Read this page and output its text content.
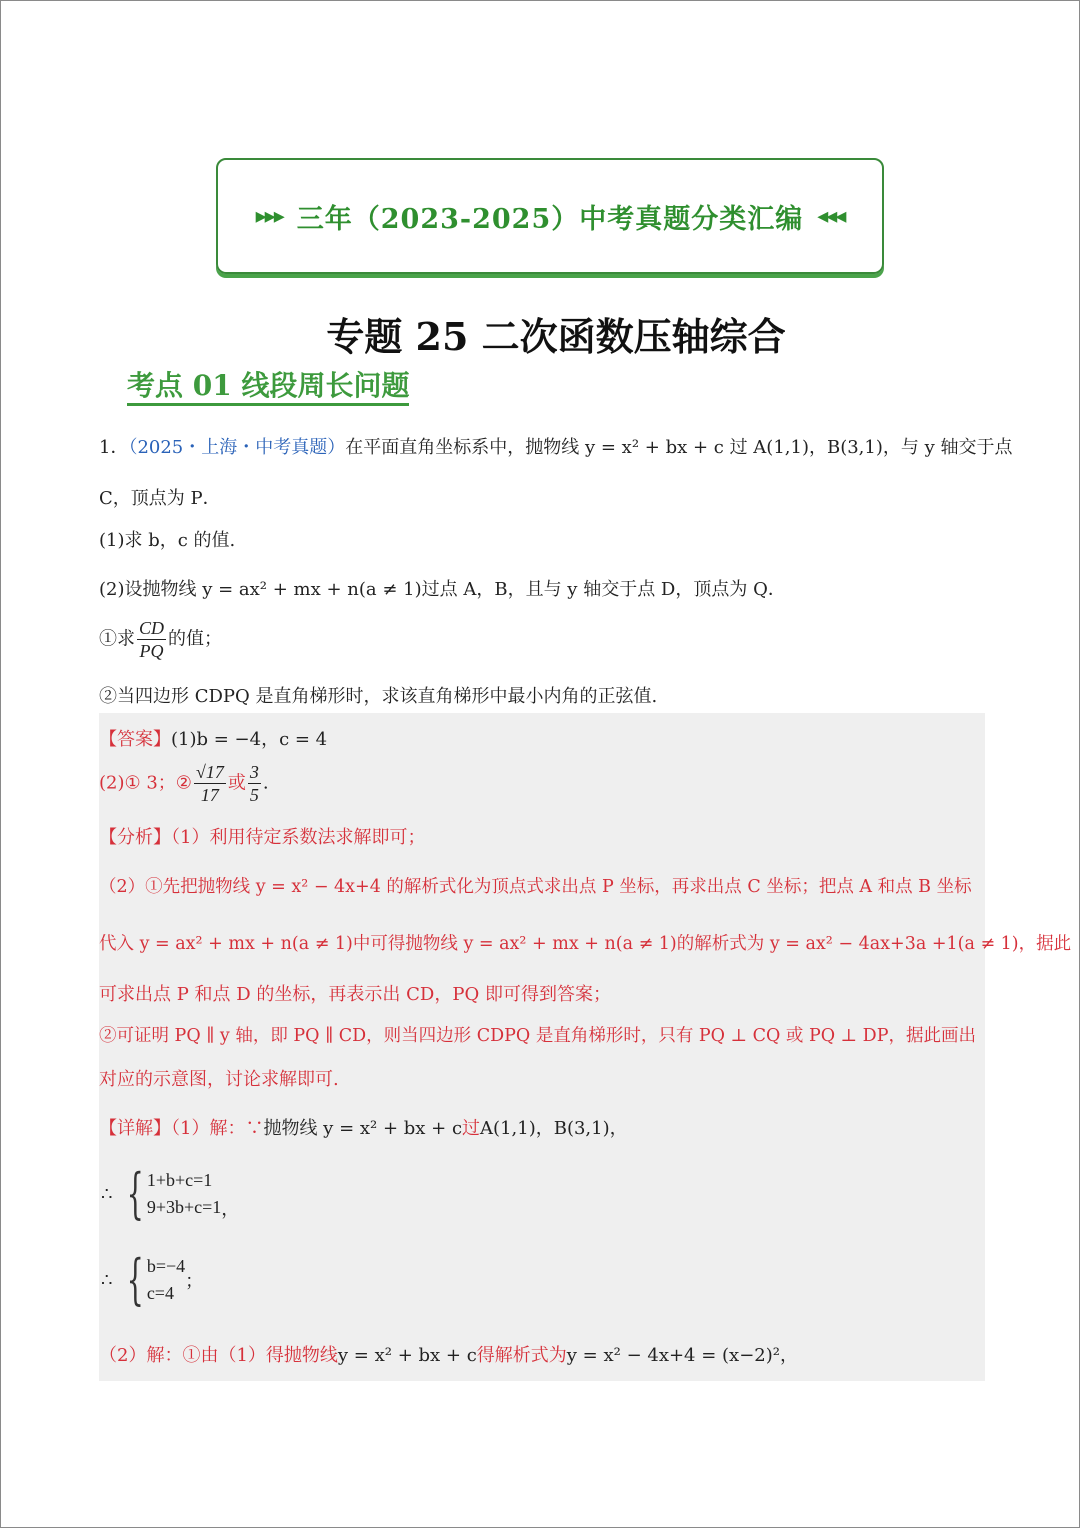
▸▸▸ 三年（2023-2025）中考真题分类汇编 ◂◂◂
专题 25 二次函数压轴综合
考点 01 线段周长问题
1．（2025・上海・中考真题）在平面直角坐标系中，抛物线 y = x² + bx + c 过 A(1,1)，B(3,1)，与 y 轴交于点
C，顶点为 P．
(1)求 b，c 的值.
(2)设抛物线 y = ax² + mx + n(a ≠ 1)过点 A，B，且与 y 轴交于点 D，顶点为 Q．
①求 $\frac{CD}{PQ}$ 的值；
②当四边形 CDPQ 是直角梯形时，求该直角梯形中最小内角的正弦值.
【答案】(1)b = −4，c = 4
(2)① 3；② $\frac{√17}{17}$ 或 $\frac{3}{5}$ .
【分析】（1）利用待定系数法求解即可；
（2）①先把抛物线 y = x² − 4x+4 的解析式化为顶点式求出点 P 坐标，再求出点 C 坐标；把点 A 和点 B 坐标
代入 y = ax² + mx + n(a ≠ 1)中可得抛物线 y = ax² + mx + n(a ≠ 1)的解析式为 y = ax² − 4ax+3a +1(a ≠ 1)，据此
可求出点 P 和点 D 的坐标，再表示出 CD，PQ 即可得到答案；
②可证明 PQ ∥ y 轴，即 PQ ∥ CD，则当四边形 CDPQ 是直角梯形时，只有 PQ ⊥ CQ 或 PQ ⊥ DP，据此画出
对应的示意图，讨论求解即可.
【详解】（1）解：∵抛物线 y = x² + bx + c过A(1,1)，B(3,1)，
∴ { 1+b+c=1
9+3b+c=1 ，
∴ { b=−4
c=4
；
（2）解：①由（1）得抛物线y = x² + bx + c得解析式为y = x² − 4x+4 = (x−2)²，
